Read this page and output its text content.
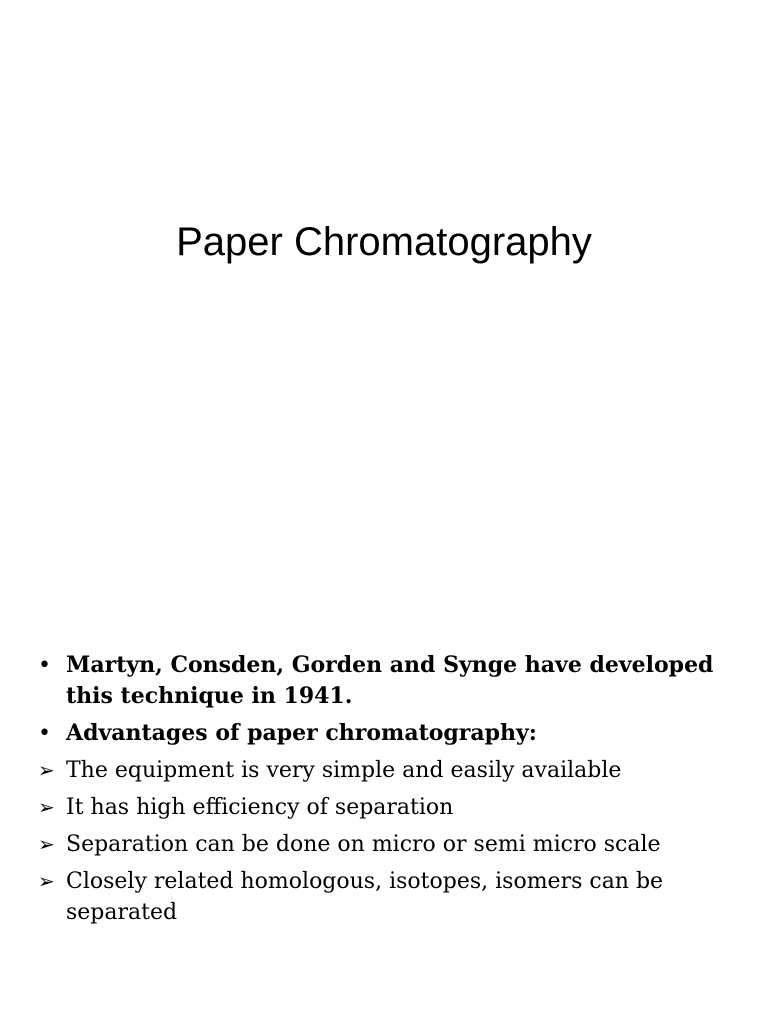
Paper Chromatography
• Martyn, Consden, Gorden and Synge have developed this technique in 1941.
• Advantages of paper chromatography:
➢ The equipment is very simple and easily available
➢ It has high efficiency of separation
➢ Separation can be done on micro or semi micro scale
➢ Closely related homologous, isotopes, isomers can be separated
